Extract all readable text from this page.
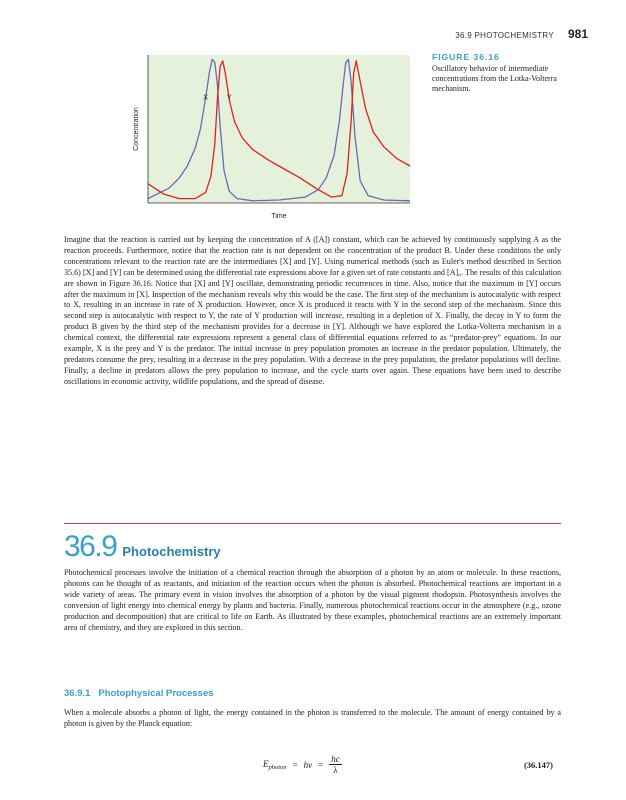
36.9 PHOTOCHEMISTRY 981
X	Y
Time
Concentration
FIGURE 36.16
Oscillatory behavior of intermediate concentrations from the Lotka-Volterra mechanism.
Imagine that the reaction is carried out by keeping the concentration of A ([A]) constant, which can be achieved by continuously supplying A as the reaction proceeds. Furthermore, notice that the reaction rate is not dependent on the concentration of the product B. Under these conditions the only concentrations relevant to the reaction rate are the intermediates [X] and [Y]. Using numerical methods (such as Euler's method described in Section 35.6) [X] and [Y] can be determined using the differential rate expressions above for a given set of rate constants and [A]₀. The results of this calculation are shown in Figure 36.16. Notice that [X] and [Y] oscillate, demonstrating periodic recurrences in time. Also, notice that the maximum in [Y] occurs after the maximum in [X]. Inspection of the mechanism reveals why this would be the case. The first step of the mechanism is autocatalytic with respect to X, resulting in an increase in rate of X production. However, once X is produced it reacts with Y in the second step of the mechanism. Since this second step is autocatalytic with respect to Y, the rate of Y production will increase, resulting in a depletion of X. Finally, the decay in Y to form the product B given by the third step of the mechanism provides for a decrease in [Y]. Although we have explored the Lotka-Volterra mechanism in a chemical context, the differential rate expressions represent a general class of differential equations referred to as “predator-prey” equations. In our example, X is the prey and Y is the predator. The initial increase in prey population promotes an increase in the predator population. Ultimately, the predators consume the prey, resulting in a decrease in the prey population. With a decrease in the prey population, the predator populations will decline. Finally, a decline in predators allows the prey population to increase, and the cycle starts over again. These equations have been used to describe oscillations in economic activity, wildlife populations, and the spread of disease.
36.9 Photochemistry
Photochemical processes involve the initiation of a chemical reaction through the absorption of a photon by an atom or molecule. In these reactions, photons can be thought of as reactants, and initiation of the reaction occurs when the photon is absorbed. Photochemical reactions are important in a wide variety of areas. The primary event in vision involves the absorption of a photon by the visual pigment rhodopsin. Photosynthesis involves the conversion of light energy into chemical energy by plants and bacteria. Finally, numerous photochemical reactions occur in the atmosphere (e.g., ozone production and decomposition) that are critical to life on Earth. As illustrated by these examples, photochemical reactions are an extremely important area of chemistry, and they are explored in this section.
36.9.1 Photophysical Processes
When a molecule absorbs a photon of light, the energy contained in the photon is transferred to the molecule. The amount of energy contained by a photon is given by the Planck equation:
$E_{photon} = h\nu = \frac{hc}{\lambda}$	(36.147)
